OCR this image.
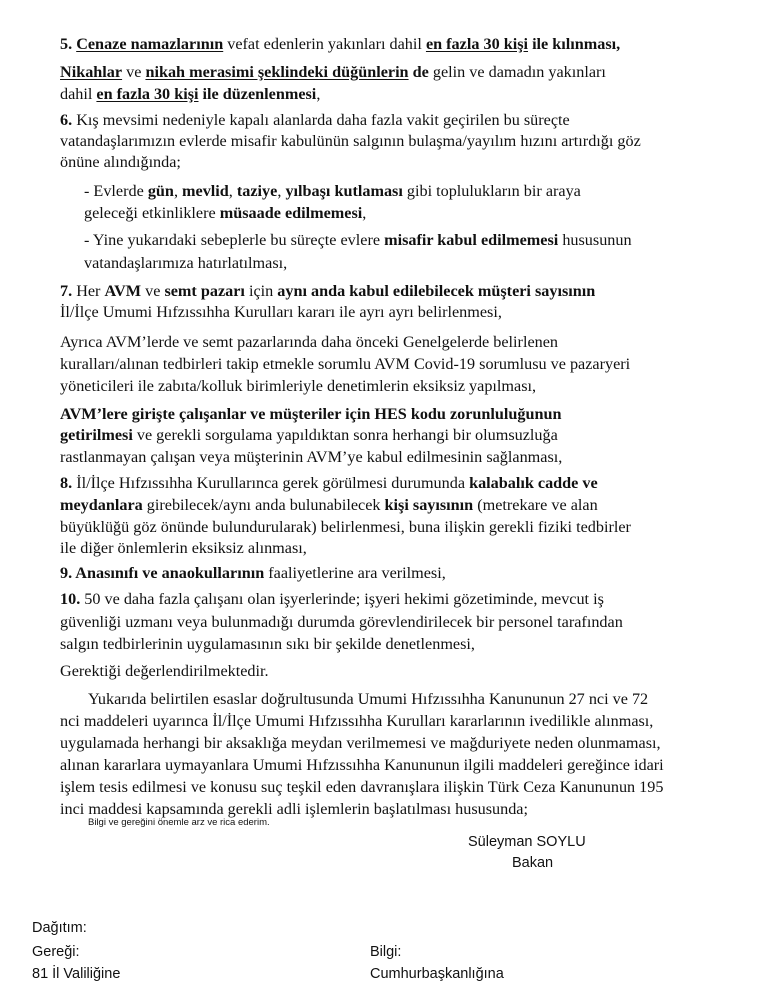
5. Cenaze namazlarının vefat edenlerin yakınları dahil en fazla 30 kişi ile kılınması,
Nikahlar ve nikah merasimi şeklindeki düğünlerin de gelin ve damadın yakınları
dahil en fazla 30 kişi ile düzenlenmesi,
6. Kış mevsimi nedeniyle kapalı alanlarda daha fazla vakit geçirilen bu süreçte
vatandaşlarımızın evlerde misafir kabulünün salgının bulaşma/yayılım hızını artırdığı göz
önüne alındığında;
- Evlerde gün, mevlid, taziye, yılbaşı kutlaması gibi toplulukların bir araya
geleceği etkinliklere müsaade edilmemesi,
- Yine yukarıdaki sebeplerle bu süreçte evlere misafir kabul edilmemesi hususunun
vatandaşlarımıza hatırlatılması,
7. Her AVM ve semt pazarı için aynı anda kabul edilebilecek müşteri sayısının
İl/İlçe Umumi Hıfzıssıhha Kurulları kararı ile ayrı ayrı belirlenmesi,
Ayrıca AVM’lerde ve semt pazarlarında daha önceki Genelgelerde belirlenen
kuralları/alınan tedbirleri takip etmekle sorumlu AVM Covid-19 sorumlusu ve pazaryeri
yöneticileri ile zabıta/kolluk birimleriyle denetimlerin eksiksiz yapılması,
AVM’lere girişte çalışanlar ve müşteriler için HES kodu zorunluluğunun
getirilmesi ve gerekli sorgulama yapıldıktan sonra herhangi bir olumsuzluğa
rastlanmayan çalışan veya müşterinin AVM’ye kabul edilmesinin sağlanması,
8. İl/İlçe Hıfzıssıhha Kurullarınca gerek görülmesi durumunda kalabalık cadde ve
meydanlara girebilecek/aynı anda bulunabilecek kişi sayısının (metrekare ve alan
büyüklüğü göz önünde bulundurularak) belirlenmesi, buna ilişkin gerekli fiziki tedbirler
ile diğer önlemlerin eksiksiz alınması,
9. Anasınıfı ve anaokullarının faaliyetlerine ara verilmesi,
10. 50 ve daha fazla çalışanı olan işyerlerinde; işyeri hekimi gözetiminde, mevcut iş
güvenliği uzmanı veya bulunmadığı durumda görevlendirilecek bir personel tarafından
salgın tedbirlerinin uygulamasının sıkı bir şekilde denetlenmesi,
Gerektiği değerlendirilmektedir.
Yukarıda belirtilen esaslar doğrultusunda Umumi Hıfzıssıhha Kanununun 27 nci ve 72
nci maddeleri uyarınca İl/İlçe Umumi Hıfzıssıhha Kurulları kararlarının ivedilikle alınması,
uygulamada herhangi bir aksaklığa meydan verilmemesi ve mağduriyete neden olunmaması,
alınan kararlara uymayanlara Umumi Hıfzıssıhha Kanununun ilgili maddeleri gereğince idari
işlem tesis edilmesi ve konusu suç teşkil eden davranışlara ilişkin Türk Ceza Kanununun 195
inci maddesi kapsamında gerekli adli işlemlerin başlatılması hususunda;
Bilgi ve gereğini önemle arz ve rica ederim.
Süleyman SOYLU
Bakan
Dağıtım:
Gereği:
81 İl Valiliğine
Bilgi:
Cumhurbaşkanlığına
